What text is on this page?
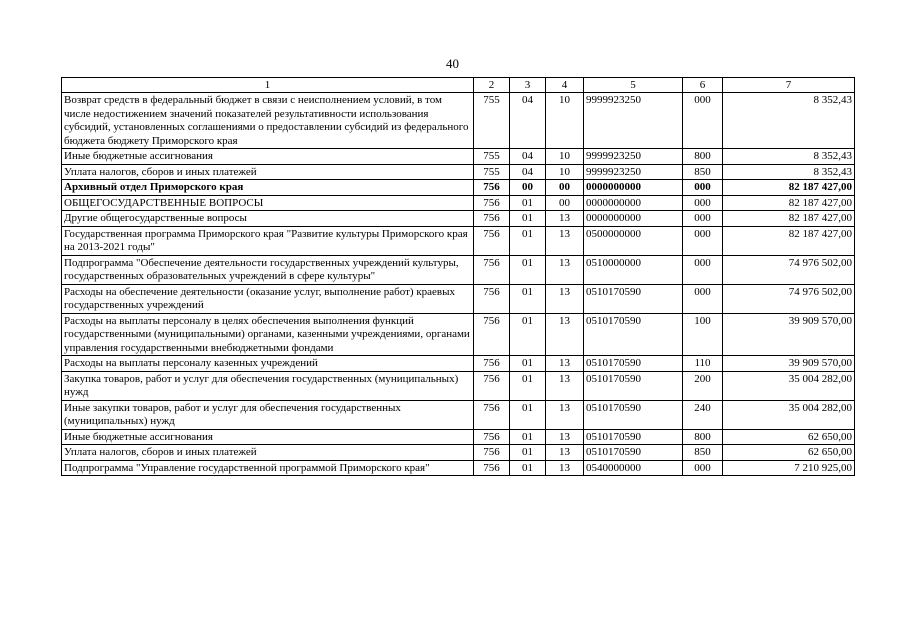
40
1	2	3	4	5	6	7
Возврат средств в федеральный бюджет в связи с неисполнением условий, в том числе недостижением значений показателей результативности использования субсидий, установленных соглашениями о предоставлении субсидий из федерального бюджета бюджету Приморского края	755	04	10	9999923250	000	8 352,43
Иные бюджетные ассигнования	755	04	10	9999923250	800	8 352,43
Уплата налогов, сборов и иных платежей	755	04	10	9999923250	850	8 352,43
Архивный отдел Приморского края	756	00	00	0000000000	000	82 187 427,00
ОБЩЕГОСУДАРСТВЕННЫЕ ВОПРОСЫ	756	01	00	0000000000	000	82 187 427,00
Другие общегосударственные вопросы	756	01	13	0000000000	000	82 187 427,00
Государственная программа Приморского края "Развитие культуры Приморского края на 2013-2021 годы"	756	01	13	0500000000	000	82 187 427,00
Подпрограмма "Обеспечение деятельности государственных учреждений культуры, государственных образовательных учреждений в сфере культуры"	756	01	13	0510000000	000	74 976 502,00
Расходы на обеспечение деятельности (оказание услуг, выполнение работ) краевых государственных учреждений	756	01	13	0510170590	000	74 976 502,00
Расходы на выплаты персоналу в целях обеспечения выполнения функций государственными (муниципальными) органами, казенными учреждениями, органами управления государственными внебюджетными фондами	756	01	13	0510170590	100	39 909 570,00
Расходы на выплаты персоналу казенных учреждений	756	01	13	0510170590	110	39 909 570,00
Закупка товаров, работ и услуг для обеспечения государственных (муниципальных) нужд	756	01	13	0510170590	200	35 004 282,00
Иные закупки товаров, работ и услуг для обеспечения государственных (муниципальных) нужд	756	01	13	0510170590	240	35 004 282,00
Иные бюджетные ассигнования	756	01	13	0510170590	800	62 650,00
Уплата налогов, сборов и иных платежей	756	01	13	0510170590	850	62 650,00
Подпрограмма "Управление государственной программой Приморского края"	756	01	13	0540000000	000	7 210 925,00
